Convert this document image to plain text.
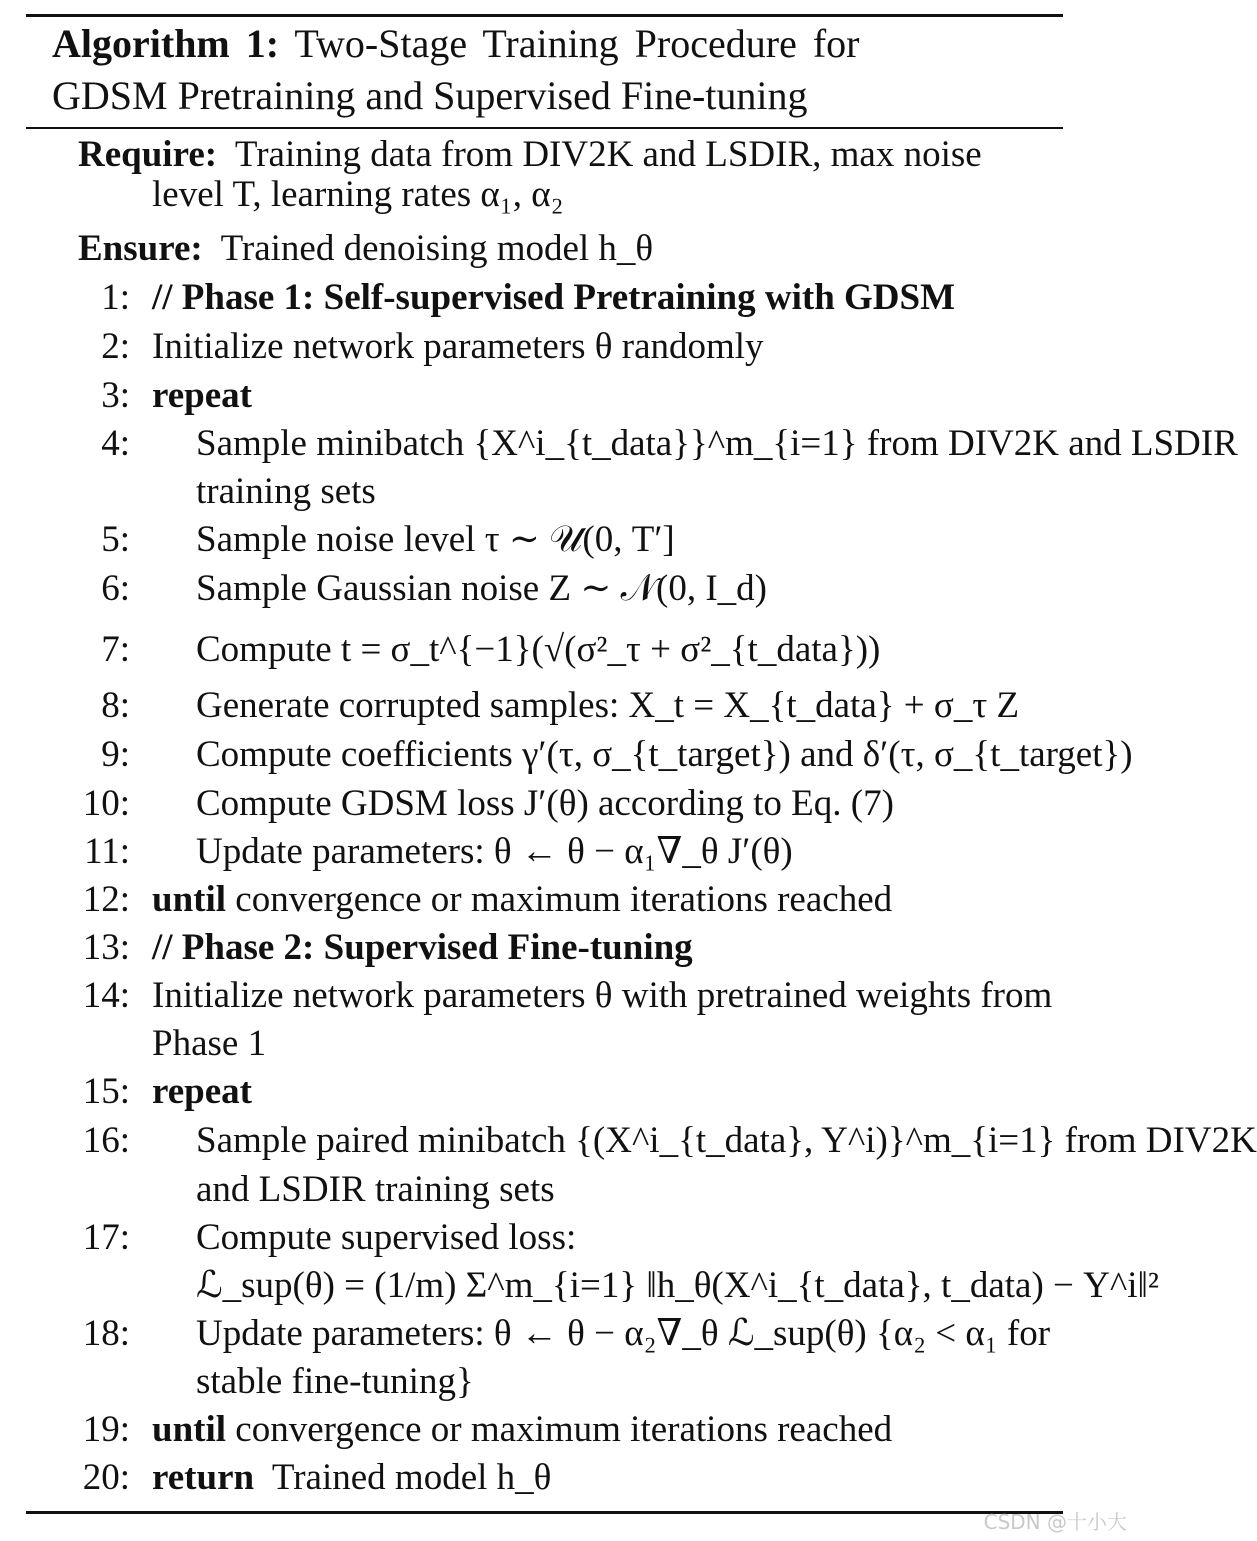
Algorithm 1: Two-Stage Training Procedure for
GDSM Pretraining and Supervised Fine-tuning
Require: Training data from DIV2K and LSDIR, max noise
level T, learning rates α₁, α₂
Ensure: Trained denoising model h_θ
1: // Phase 1: Self-supervised Pretraining with GDSM
2: Initialize network parameters θ randomly
3: repeat
4: Sample minibatch {X^i_{t_data}}^m_{i=1} from DIV2K and LSDIR
training sets
5: Sample noise level τ ∼ 𝒰(0, T′]
6: Sample Gaussian noise Z ∼ 𝒩(0, I_d)
7: Compute t = σ_t^{−1}(√(σ²_τ + σ²_{t_data}))
8: Generate corrupted samples: X_t = X_{t_data} + σ_τ Z
9: Compute coefficients γ′(τ, σ_{t_target}) and δ′(τ, σ_{t_target})
10: Compute GDSM loss J′(θ) according to Eq. (7)
11: Update parameters: θ ← θ − α₁∇_θ J′(θ)
12: until convergence or maximum iterations reached
13: // Phase 2: Supervised Fine-tuning
14: Initialize network parameters θ with pretrained weights from
Phase 1
15: repeat
16: Sample paired minibatch {(X^i_{t_data}, Y^i)}^m_{i=1} from DIV2K
and LSDIR training sets
17: Compute supervised loss:
ℒ_sup(θ) = (1/m) Σ^m_{i=1} ‖h_θ(X^i_{t_data}, t_data) − Y^i‖²
18: Update parameters: θ ← θ − α₂∇_θ ℒ_sup(θ) {α₂ < α₁ for
stable fine-tuning}
19: until convergence or maximum iterations reached
20: return Trained model h_θ
CSDN @十小大
